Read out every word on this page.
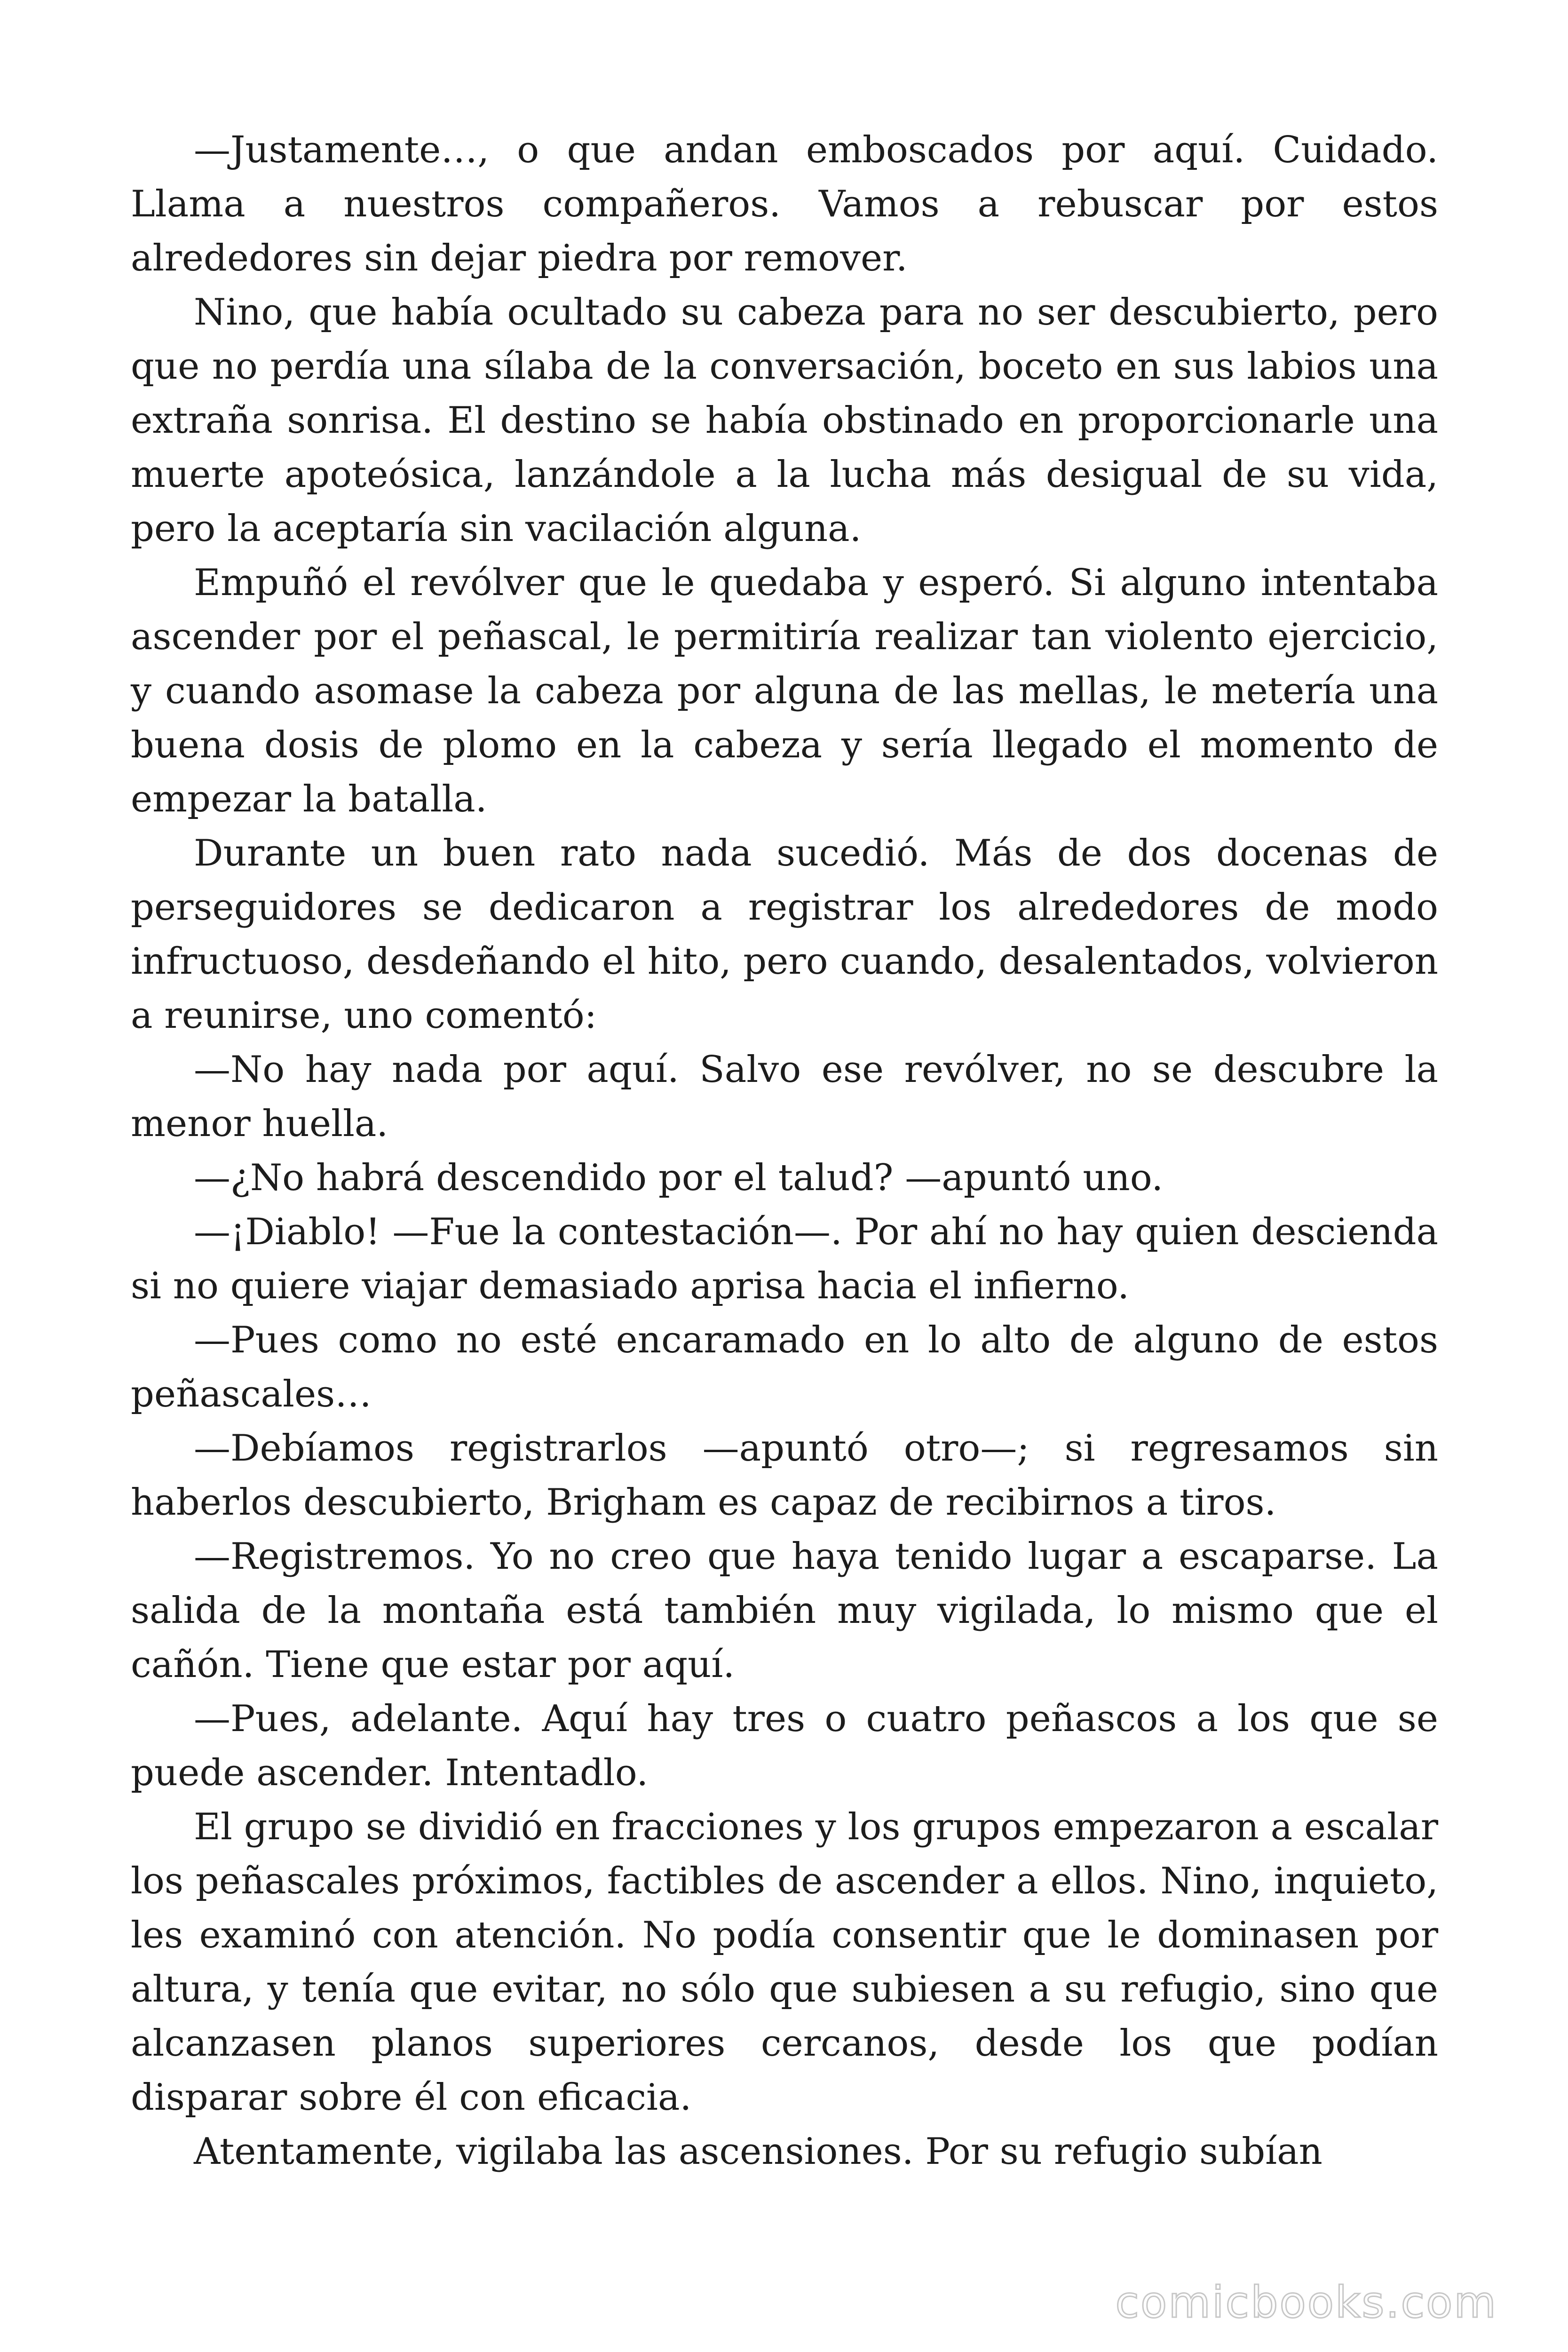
—Justamente…, o que andan emboscados por aquí. Cuidado. Llama a nuestros compañeros. Vamos a rebuscar por estos alrededores sin dejar piedra por remover.

Nino, que había ocultado su cabeza para no ser descubierto, pero que no perdía una sílaba de la conversación, boceto en sus labios una extraña sonrisa. El destino se había obstinado en proporcionarle una muerte apoteósica, lanzándole a la lucha más desigual de su vida, pero la aceptaría sin vacilación alguna.

Empuñó el revólver que le quedaba y esperó. Si alguno intentaba ascender por el peñascal, le permitiría realizar tan violento ejercicio, y cuando asomase la cabeza por alguna de las mellas, le metería una buena dosis de plomo en la cabeza y sería llegado el momento de empezar la batalla.

Durante un buen rato nada sucedió. Más de dos docenas de perseguidores se dedicaron a registrar los alrededores de modo infructuoso, desdeñando el hito, pero cuando, desalentados, volvieron a reunirse, uno comentó:

—No hay nada por aquí. Salvo ese revólver, no se descubre la menor huella.

—¿No habrá descendido por el talud? —apuntó uno.

—¡Diablo! —Fue la contestación—. Por ahí no hay quien descienda si no quiere viajar demasiado aprisa hacia el infierno.

—Pues como no esté encaramado en lo alto de alguno de estos peñascales…

—Debíamos registrarlos —apuntó otro—; si regresamos sin haberlos descubierto, Brigham es capaz de recibirnos a tiros.

—Registremos. Yo no creo que haya tenido lugar a escaparse. La salida de la montaña está también muy vigilada, lo mismo que el cañón. Tiene que estar por aquí.

—Pues, adelante. Aquí hay tres o cuatro peñascos a los que se puede ascender. Intentadlo.

El grupo se dividió en fracciones y los grupos empezaron a escalar los peñascales próximos, factibles de ascender a ellos. Nino, inquieto, les examinó con atención. No podía consentir que le dominasen por altura, y tenía que evitar, no sólo que subiesen a su refugio, sino que alcanzasen planos superiores cercanos, desde los que podían disparar sobre él con eficacia.

Atentamente, vigilaba las ascensiones. Por su refugio subían

comicbooks.com
